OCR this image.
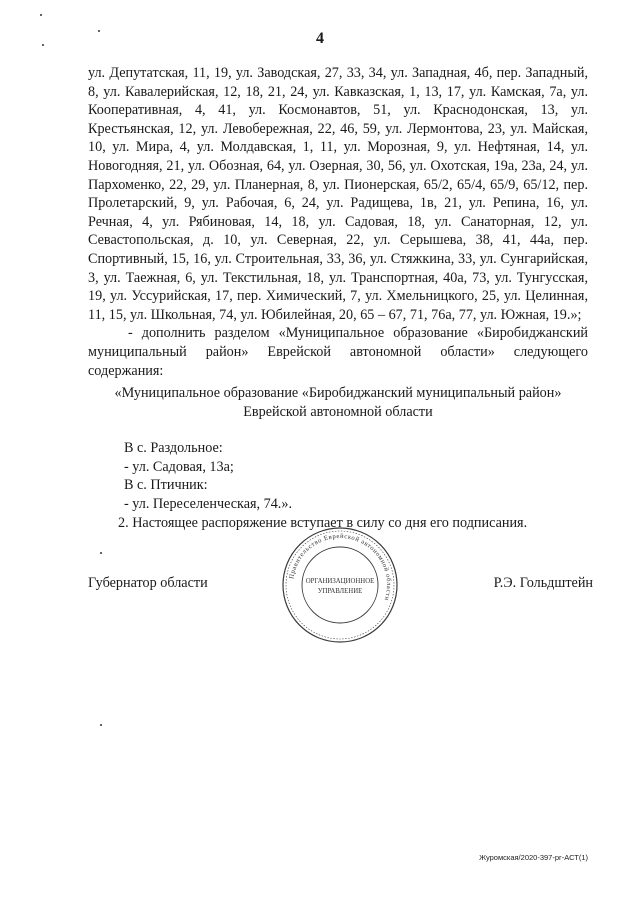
4

ул. Депутатская, 11, 19, ул. Заводская, 27, 33, 34, ул. Западная, 4б, пер. Западный, 8, ул. Кавалерийская, 12, 18, 21, 24, ул. Кавказская, 1, 13, 17, ул. Камская, 7а, ул. Кооперативная, 4, 41, ул. Космонавтов, 51, ул. Краснодонская, 13, ул. Крестьянская, 12, ул. Левобережная, 22, 46, 59, ул. Лермонтова, 23, ул. Майская, 10, ул. Мира, 4, ул. Молдавская, 1, 11, ул. Морозная, 9, ул. Нефтяная, 14, ул. Новогодняя, 21, ул. Обозная, 64, ул. Озерная, 30, 56, ул. Охотская, 19а, 23а, 24, ул. Пархоменко, 22, 29, ул. Планерная, 8, ул. Пионерская, 65/2, 65/4, 65/9, 65/12, пер. Пролетарский, 9, ул. Рабочая, 6, 24, ул. Радищева, 1в, 21, ул. Репина, 16, ул. Речная, 4, ул. Рябиновая, 14, 18, ул. Садовая, 18, ул. Санаторная, 12, ул. Севастопольская, д. 10, ул. Северная, 22, ул. Серышева, 38, 41, 44а, пер. Спортивный, 15, 16, ул. Строительная, 33, 36, ул. Стяжкина, 33, ул. Сунгарийская, 3, ул. Таежная, 6, ул. Текстильная, 18, ул. Транспортная, 40а, 73, ул. Тунгусская, 19, ул. Уссурийская, 17, пер. Химический, 7, ул. Хмельницкого, 25, ул. Целинная, 11, 15, ул. Школьная, 74, ул. Юбилейная, 20, 65 – 67, 71, 76а, 77, ул. Южная, 19.»;

- дополнить разделом «Муниципальное образование «Биробиджанский муниципальный район» Еврейской автономной области» следующего содержания:

«Муниципальное образование «Биробиджанский муниципальный район» Еврейской автономной области

В с. Раздольное:

- ул. Садовая, 13а;

В с. Птичник:

- ул. Переселенческая, 74.».

2. Настоящее распоряжение вступает в силу со дня его подписания.

Губернатор области	Р.Э. Гольдштейн
Правительство Еврейской автономной области
ОРГАНИЗАЦИОННОЕ
УПРАВЛЕНИЕ
Журомская/2020-397-рг-АСТ(1)
